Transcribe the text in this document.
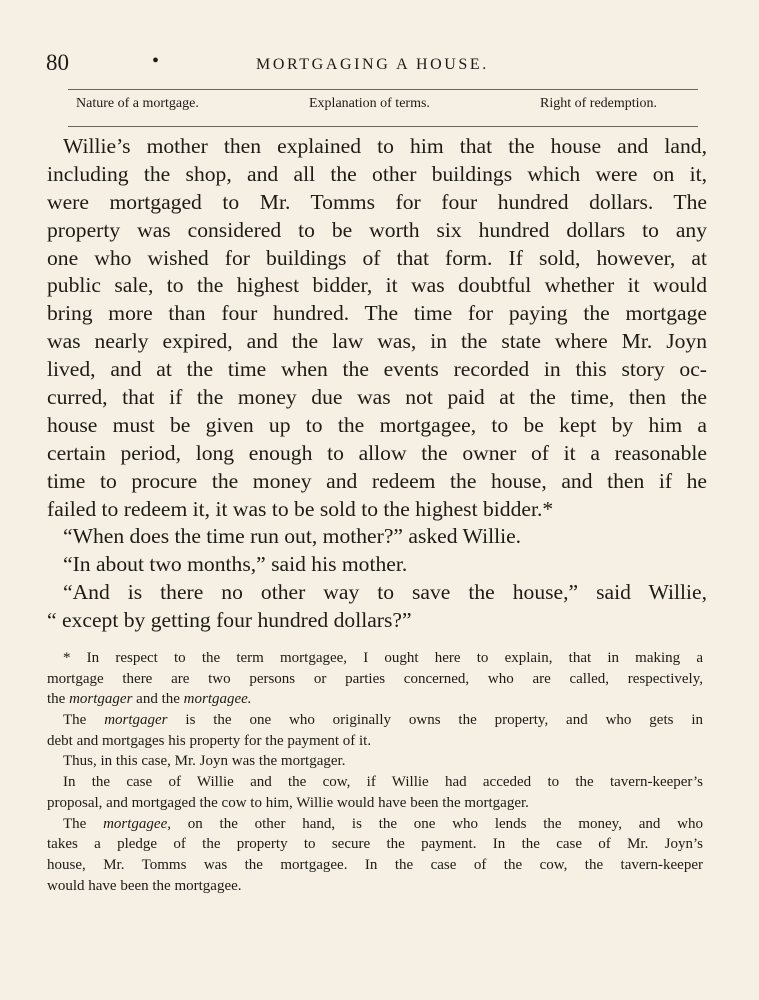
80	•	MORTGAGING A HOUSE.
Nature of a mortgage.	Explanation of terms.	Right of redemption.
Willie’s mother then explained to him that the house and land,
including the shop, and all the other buildings which were on it,
were mortgaged to Mr. Tomms for four hundred dollars. The
property was considered to be worth six hundred dollars to any
one who wished for buildings of that form. If sold, however, at
public sale, to the highest bidder, it was doubtful whether it would
bring more than four hundred. The time for paying the mortgage
was nearly expired, and the law was, in the state where Mr. Joyn
lived, and at the time when the events recorded in this story oc-
curred, that if the money due was not paid at the time, then the
house must be given up to the mortgagee, to be kept by him a
certain period, long enough to allow the owner of it a reasonable
time to procure the money and redeem the house, and then if he
failed to redeem it, it was to be sold to the highest bidder.*
“When does the time run out, mother?” asked Willie.
“In about two months,” said his mother.
“And is there no other way to save the house,” said Willie,
“ except by getting four hundred dollars?”
* In respect to the term mortgagee, I ought here to explain, that in making a
mortgage there are two persons or parties concerned, who are called, respectively,
the mortgager and the mortgagee.
The mortgager is the one who originally owns the property, and who gets in
debt and mortgages his property for the payment of it.
Thus, in this case, Mr. Joyn was the mortgager.
In the case of Willie and the cow, if Willie had acceded to the tavern-keeper’s
proposal, and mortgaged the cow to him, Willie would have been the mortgager.
The mortgagee, on the other hand, is the one who lends the money, and who
takes a pledge of the property to secure the payment. In the case of Mr. Joyn’s
house, Mr. Tomms was the mortgagee. In the case of the cow, the tavern-keeper
would have been the mortgagee.
